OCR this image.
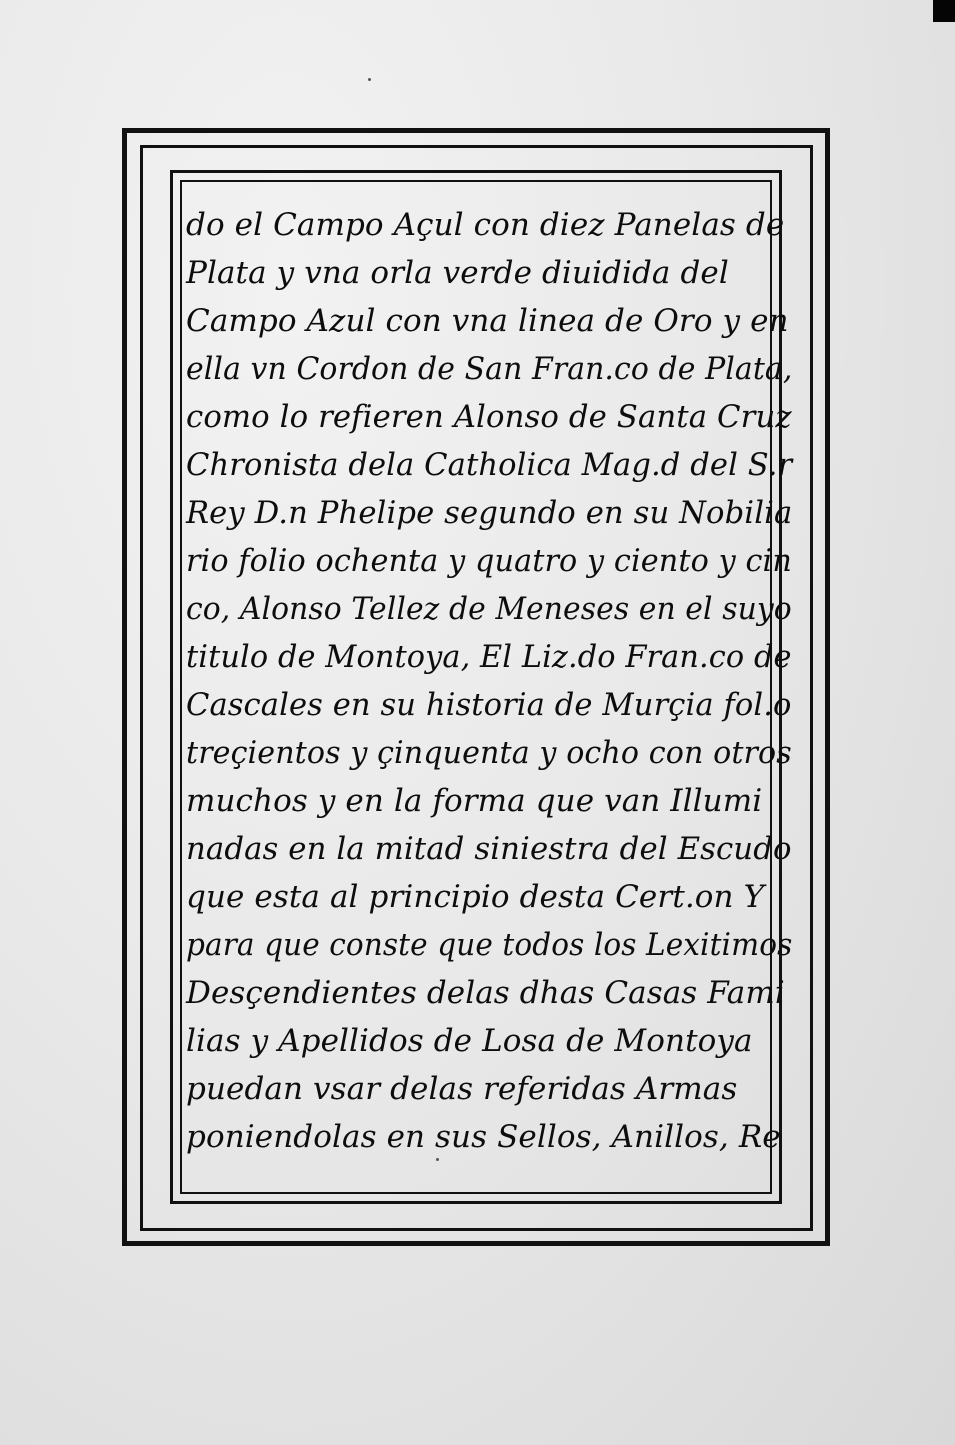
do el Campo Açul con diez Panelas de
Plata y vna orla verde diuidida del
Campo Azul con vna linea de Oro y en
ella vn Cordon de San Fran.co de Plata,
como lo refieren Alonso de Santa Cruz
Chronista dela Catholica Mag.d del S.r
Rey D.n Phelipe segundo en su Nobilia
rio folio ochenta y quatro y ciento y cin
co, Alonso Tellez de Meneses en el suyo
titulo de Montoya, El Liz.do Fran.co de
Cascales en su historia de Murçia fol.o
treçientos y çinquenta y ocho con otros
muchos y en la forma que van Illumi
nadas en la mitad siniestra del Escudo
que esta al principio desta Cert.on Y
para que conste que todos los Lexitimos
Desçendientes delas dhas Casas Fami
lias y Apellidos de Losa de Montoya
puedan vsar delas referidas Armas
poniendolas en sus Sellos, Anillos, Re
